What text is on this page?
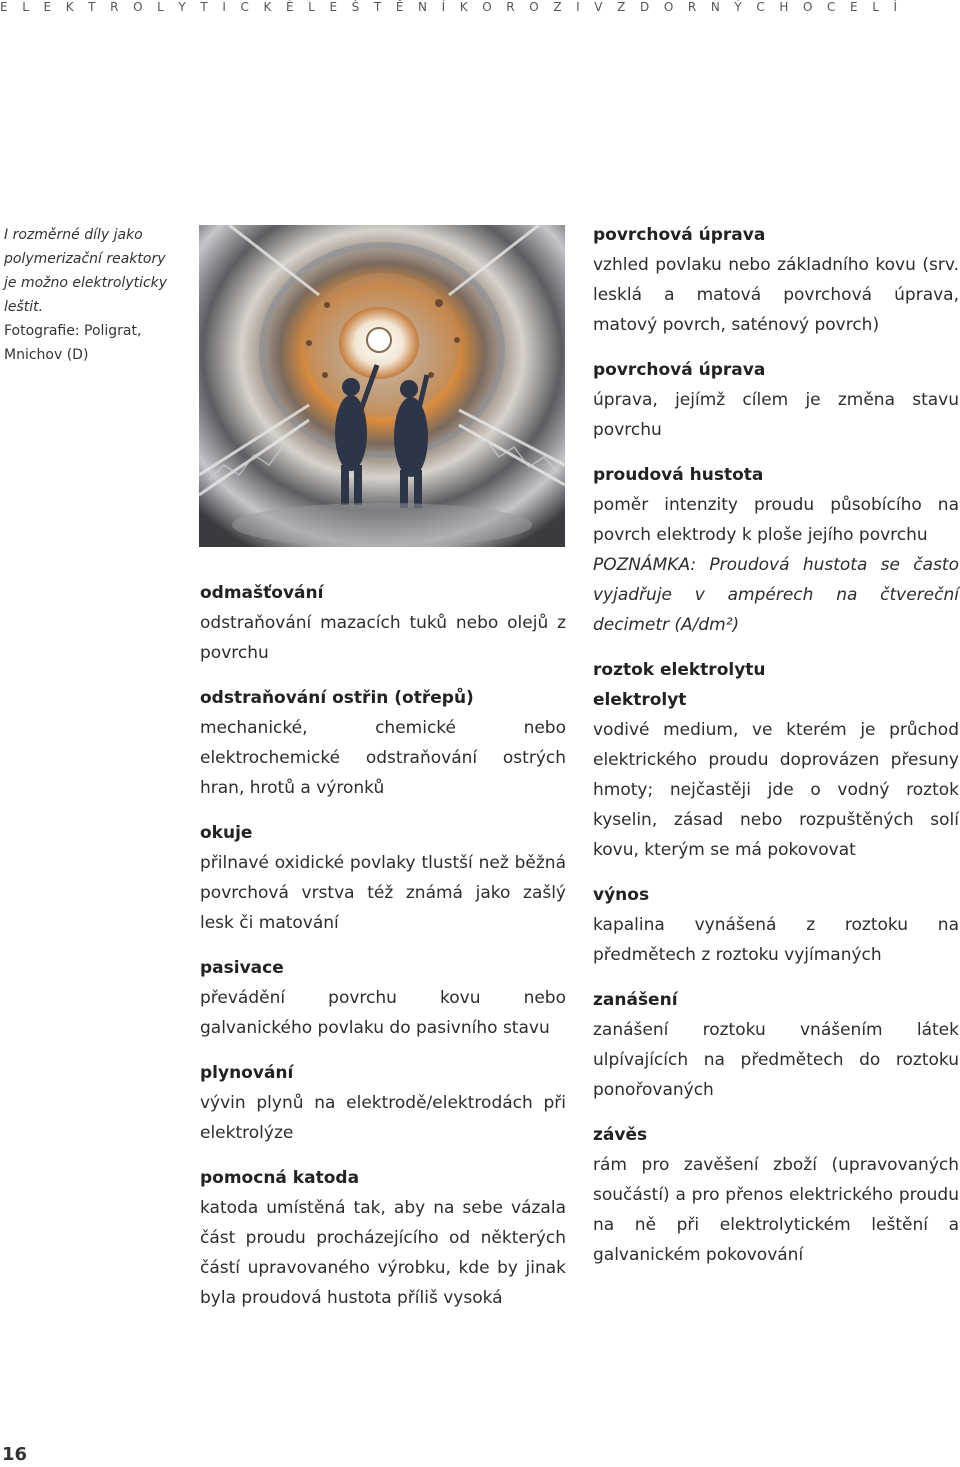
E L E K T R O L Y T I C K É L E Š T Ě N Í K O R O Z I V Z D O R N Ý C H O C E L Í
I rozměrné díly jako polymerizační reaktory je možno elektrolyticky leštit.
Fotografie: Poligrat, Mnichov (D)
odmašťování
odstraňování mazacích tuků nebo olejů z povrchu
odstraňování ostřin (otřepů)
mechanické, chemické nebo elektrochemické odstraňování ostrých hran, hrotů a výronků
okuje
přilnavé oxidické povlaky tlustší než běžná povrchová vrstva též známá jako zašlý lesk či matování
pasivace
převádění povrchu kovu nebo galvanického povlaku do pasivního stavu
plynování
vývin plynů na elektrodě/elektrodách při elektrolýze
pomocná katoda
katoda umístěná tak, aby na sebe vázala část proudu procházejícího od některých částí upravovaného výrobku, kde by jinak byla proudová hustota příliš vysoká
povrchová úprava
vzhled povlaku nebo základního kovu (srv. lesklá a matová povrchová úprava, matový povrch, saténový povrch)
povrchová úprava
úprava, jejímž cílem je změna stavu povrchu
proudová hustota
poměr intenzity proudu působícího na povrch elektrody k ploše jejího povrchu
POZNÁMKA: Proudová hustota se často vyjadřuje v ampérech na čtvereční decimetr (A/dm²)
roztok elektrolytu
elektrolyt
vodivé medium, ve kterém je průchod elektrického proudu doprovázen přesuny hmoty; nejčastěji jde o vodný roztok kyselin, zásad nebo rozpuštěných solí kovu, kterým se má pokovovat
výnos
kapalina vynášená z roztoku na předmětech z roztoku vyjímaných
zanášení
zanášení roztoku vnášením látek ulpívajících na předmětech do roztoku ponořovaných
závěs
rám pro zavěšení zboží (upravovaných součástí) a pro přenos elektrického proudu na ně při elektrolytickém leštění a galvanickém pokovování
16
